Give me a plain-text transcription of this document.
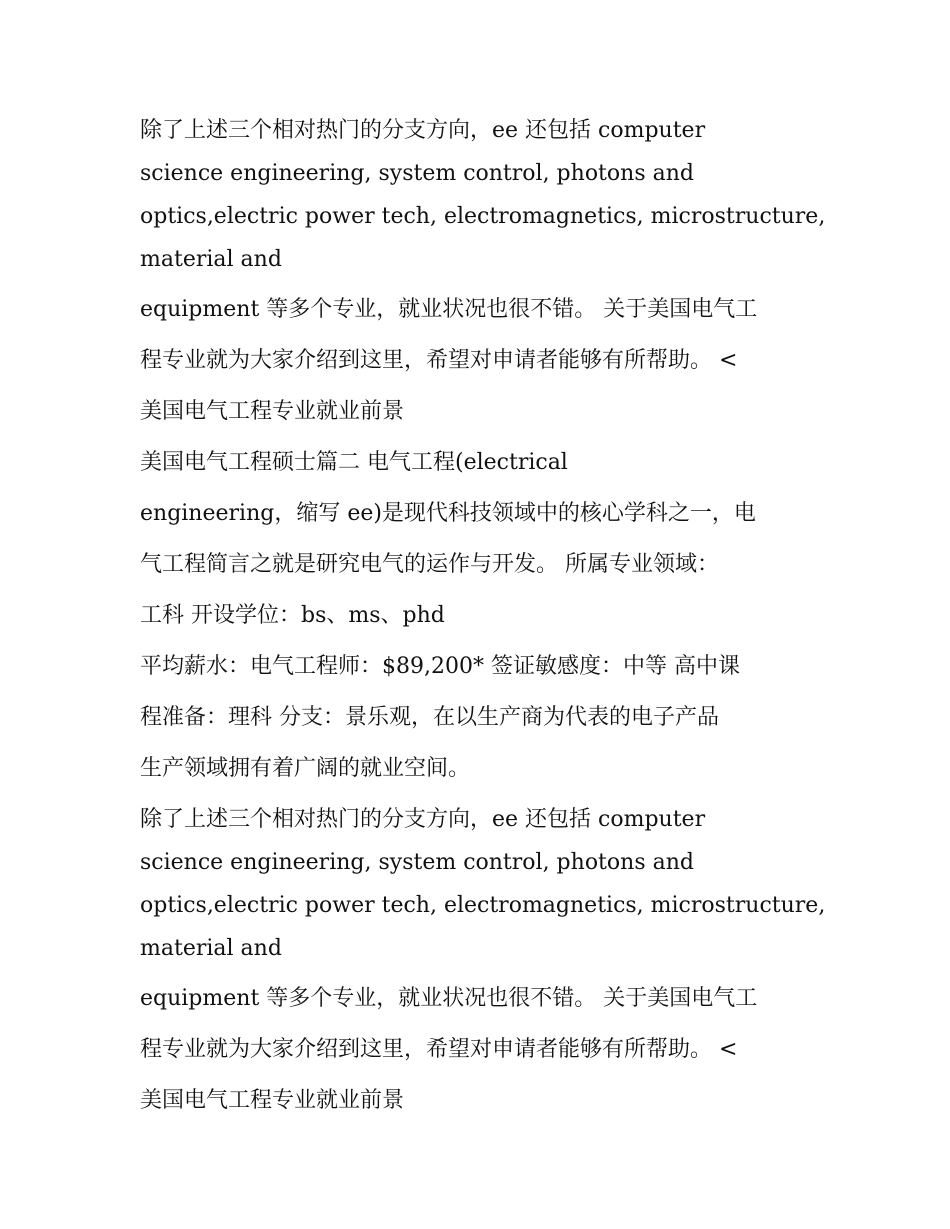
除了上述三个相对热门的分支方向，ee 还包括 computer

science engineering, system control, photons and

optics,electric power tech, electromagnetics, microstructure,

material and

equipment 等多个专业，就业状况也很不错。 关于美国电气工

程专业就为大家介绍到这里，希望对申请者能够有所帮助。 <

美国电气工程专业就业前景

美国电气工程硕士篇二 电气工程(electrical

engineering，缩写 ee)是现代科技领域中的核心学科之一，电

气工程简言之就是研究电气的运作与开发。 所属专业领域：

工科 开设学位：bs、ms、phd

平均薪水：电气工程师：$89,200* 签证敏感度：中等 高中课

程准备：理科 分支：景乐观，在以生产商为代表的电子产品

生产领域拥有着广阔的就业空间。

除了上述三个相对热门的分支方向，ee 还包括 computer

science engineering, system control, photons and

optics,electric power tech, electromagnetics, microstructure,

material and

equipment 等多个专业，就业状况也很不错。 关于美国电气工

程专业就为大家介绍到这里，希望对申请者能够有所帮助。 <

美国电气工程专业就业前景
